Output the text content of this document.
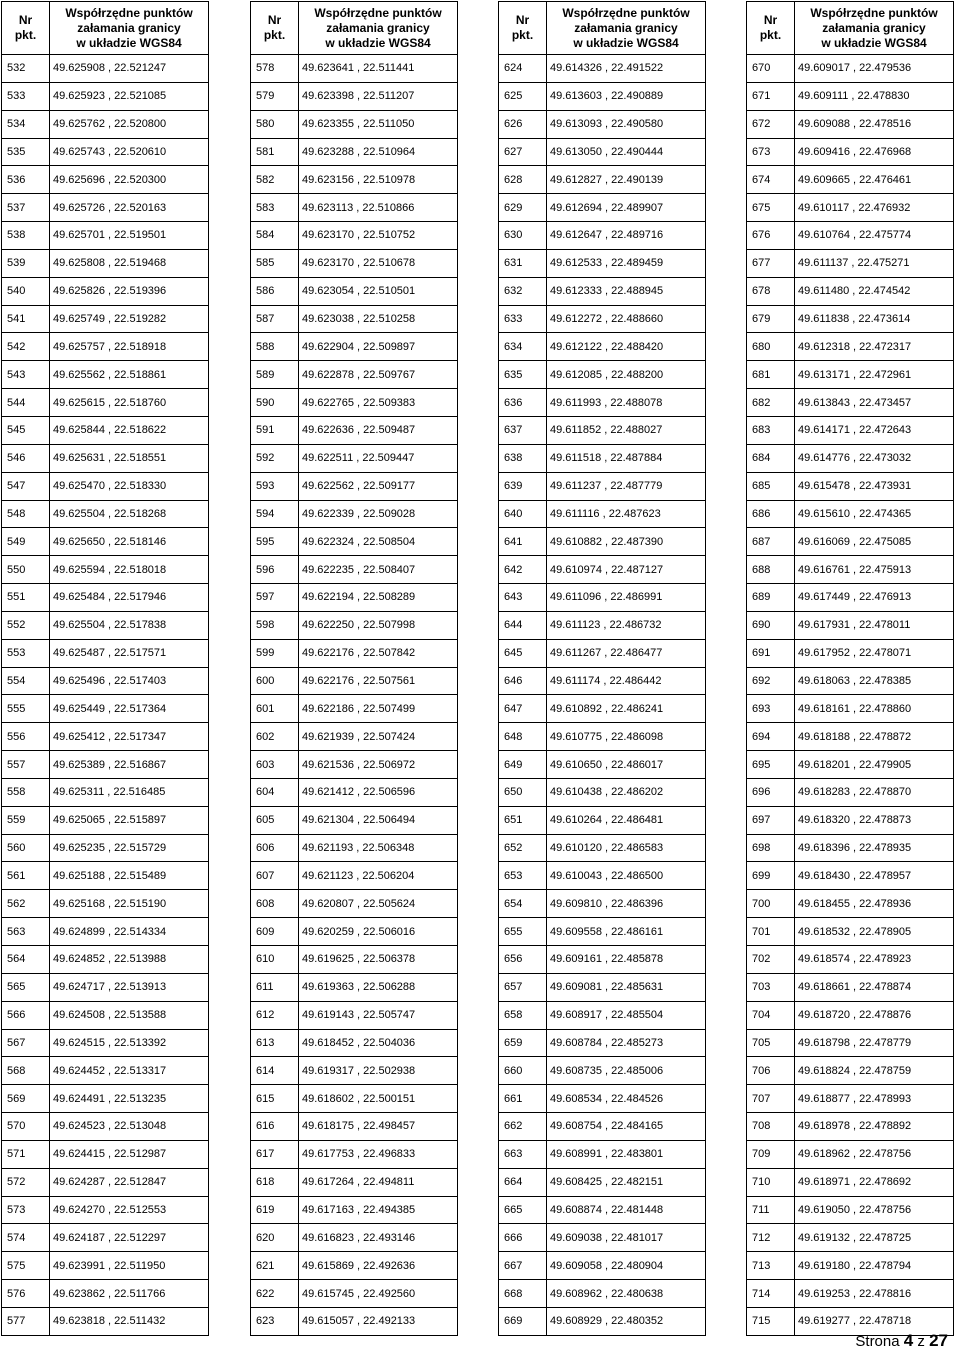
Nr
pkt.	Współrzędne punktów
załamania granicy
w układzie WGS84
532	49.625908 , 22.521247
533	49.625923 , 22.521085
534	49.625762 , 22.520800
535	49.625743 , 22.520610
536	49.625696 , 22.520300
537	49.625726 , 22.520163
538	49.625701 , 22.519501
539	49.625808 , 22.519468
540	49.625826 , 22.519396
541	49.625749 , 22.519282
542	49.625757 , 22.518918
543	49.625562 , 22.518861
544	49.625615 , 22.518760
545	49.625844 , 22.518622
546	49.625631 , 22.518551
547	49.625470 , 22.518330
548	49.625504 , 22.518268
549	49.625650 , 22.518146
550	49.625594 , 22.518018
551	49.625484 , 22.517946
552	49.625504 , 22.517838
553	49.625487 , 22.517571
554	49.625496 , 22.517403
555	49.625449 , 22.517364
556	49.625412 , 22.517347
557	49.625389 , 22.516867
558	49.625311 , 22.516485
559	49.625065 , 22.515897
560	49.625235 , 22.515729
561	49.625188 , 22.515489
562	49.625168 , 22.515190
563	49.624899 , 22.514334
564	49.624852 , 22.513988
565	49.624717 , 22.513913
566	49.624508 , 22.513588
567	49.624515 , 22.513392
568	49.624452 , 22.513317
569	49.624491 , 22.513235
570	49.624523 , 22.513048
571	49.624415 , 22.512987
572	49.624287 , 22.512847
573	49.624270 , 22.512553
574	49.624187 , 22.512297
575	49.623991 , 22.511950
576	49.623862 , 22.511766
577	49.623818 , 22.511432
Nr
pkt.	Współrzędne punktów
załamania granicy
w układzie WGS84
578	49.623641 , 22.511441
579	49.623398 , 22.511207
580	49.623355 , 22.511050
581	49.623288 , 22.510964
582	49.623156 , 22.510978
583	49.623113 , 22.510866
584	49.623170 , 22.510752
585	49.623170 , 22.510678
586	49.623054 , 22.510501
587	49.623038 , 22.510258
588	49.622904 , 22.509897
589	49.622878 , 22.509767
590	49.622765 , 22.509383
591	49.622636 , 22.509487
592	49.622511 , 22.509447
593	49.622562 , 22.509177
594	49.622339 , 22.509028
595	49.622324 , 22.508504
596	49.622235 , 22.508407
597	49.622194 , 22.508289
598	49.622250 , 22.507998
599	49.622176 , 22.507842
600	49.622176 , 22.507561
601	49.622186 , 22.507499
602	49.621939 , 22.507424
603	49.621536 , 22.506972
604	49.621412 , 22.506596
605	49.621304 , 22.506494
606	49.621193 , 22.506348
607	49.621123 , 22.506204
608	49.620807 , 22.505624
609	49.620259 , 22.506016
610	49.619625 , 22.506378
611	49.619363 , 22.506288
612	49.619143 , 22.505747
613	49.618452 , 22.504036
614	49.619317 , 22.502938
615	49.618602 , 22.500151
616	49.618175 , 22.498457
617	49.617753 , 22.496833
618	49.617264 , 22.494811
619	49.617163 , 22.494385
620	49.616823 , 22.493146
621	49.615869 , 22.492636
622	49.615745 , 22.492560
623	49.615057 , 22.492133
Nr
pkt.	Współrzędne punktów
załamania granicy
w układzie WGS84
624	49.614326 , 22.491522
625	49.613603 , 22.490889
626	49.613093 , 22.490580
627	49.613050 , 22.490444
628	49.612827 , 22.490139
629	49.612694 , 22.489907
630	49.612647 , 22.489716
631	49.612533 , 22.489459
632	49.612333 , 22.488945
633	49.612272 , 22.488660
634	49.612122 , 22.488420
635	49.612085 , 22.488200
636	49.611993 , 22.488078
637	49.611852 , 22.488027
638	49.611518 , 22.487884
639	49.611237 , 22.487779
640	49.611116 , 22.487623
641	49.610882 , 22.487390
642	49.610974 , 22.487127
643	49.611096 , 22.486991
644	49.611123 , 22.486732
645	49.611267 , 22.486477
646	49.611174 , 22.486442
647	49.610892 , 22.486241
648	49.610775 , 22.486098
649	49.610650 , 22.486017
650	49.610438 , 22.486202
651	49.610264 , 22.486481
652	49.610120 , 22.486583
653	49.610043 , 22.486500
654	49.609810 , 22.486396
655	49.609558 , 22.486161
656	49.609161 , 22.485878
657	49.609081 , 22.485631
658	49.608917 , 22.485504
659	49.608784 , 22.485273
660	49.608735 , 22.485006
661	49.608534 , 22.484526
662	49.608754 , 22.484165
663	49.608991 , 22.483801
664	49.608425 , 22.482151
665	49.608874 , 22.481448
666	49.609038 , 22.481017
667	49.609058 , 22.480904
668	49.608962 , 22.480638
669	49.608929 , 22.480352
Nr
pkt.	Współrzędne punktów
załamania granicy
w układzie WGS84
670	49.609017 , 22.479536
671	49.609111 , 22.478830
672	49.609088 , 22.478516
673	49.609416 , 22.476968
674	49.609665 , 22.476461
675	49.610117 , 22.476932
676	49.610764 , 22.475774
677	49.611137 , 22.475271
678	49.611480 , 22.474542
679	49.611838 , 22.473614
680	49.612318 , 22.472317
681	49.613171 , 22.472961
682	49.613843 , 22.473457
683	49.614171 , 22.472643
684	49.614776 , 22.473032
685	49.615478 , 22.473931
686	49.615610 , 22.474365
687	49.616069 , 22.475085
688	49.616761 , 22.475913
689	49.617449 , 22.476913
690	49.617931 , 22.478011
691	49.617952 , 22.478071
692	49.618063 , 22.478385
693	49.618161 , 22.478860
694	49.618188 , 22.478872
695	49.618201 , 22.479905
696	49.618283 , 22.478870
697	49.618320 , 22.478873
698	49.618396 , 22.478935
699	49.618430 , 22.478957
700	49.618455 , 22.478936
701	49.618532 , 22.478905
702	49.618574 , 22.478923
703	49.618661 , 22.478874
704	49.618720 , 22.478876
705	49.618798 , 22.478779
706	49.618824 , 22.478759
707	49.618877 , 22.478993
708	49.618978 , 22.478892
709	49.618962 , 22.478756
710	49.618971 , 22.478692
711	49.619050 , 22.478756
712	49.619132 , 22.478725
713	49.619180 , 22.478794
714	49.619253 , 22.478816
715	49.619277 , 22.478718
Strona 4 z 27
